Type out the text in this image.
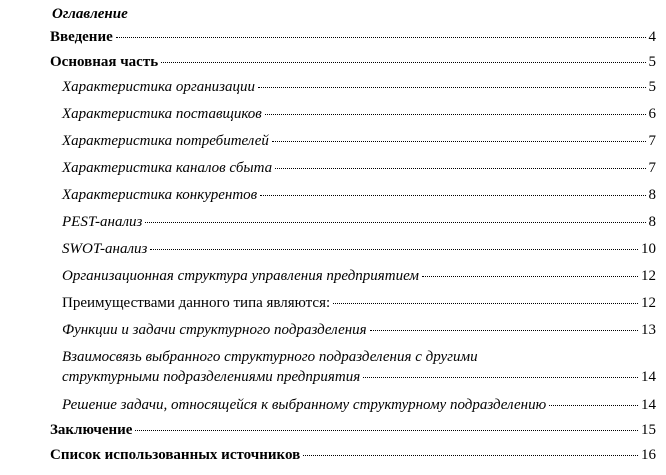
Оглавление
Введение	4
Основная часть	5
Характеристика организации	5
Характеристика поставщиков	6
Характеристика потребителей	7
Характеристика каналов сбыта	7
Характеристика конкурентов	8
PEST-анализ	8
SWOT-анализ	10
Организационная структура управления предприятием	12
Преимуществами данного типа являются:	12
Функции и задачи структурного подразделения	13
Взаимосвязь выбранного структурного подразделения с другими
структурными подразделениями предприятия	14
Решение задачи, относящейся к выбранному структурному подразделению	14
Заключение	15
Список использованных источников	16
